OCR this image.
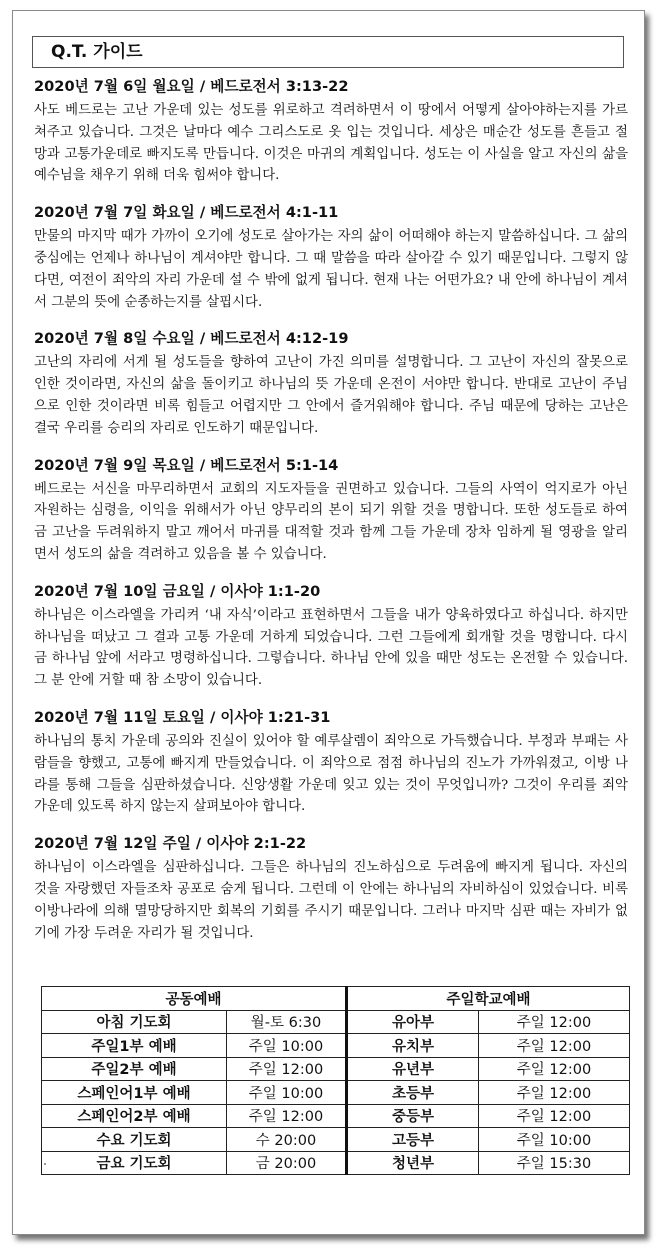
Q.T. 가이드
2020년 7월 6일 월요일 / 베드로전서 3:13-22
사도 베드로는 고난 가운데 있는 성도를 위로하고 격려하면서 이 땅에서 어떻게 살아야하는지를 가르쳐주고 있습니다. 그것은 날마다 예수 그리스도로 옷 입는 것입니다. 세상은 매순간 성도를 흔들고 절망과 고통가운데로 빠지도록 만듭니다. 이것은 마귀의 계획입니다. 성도는 이 사실을 알고 자신의 삶을 예수님을 채우기 위해 더욱 힘써야 합니다.
2020년 7월 7일 화요일 / 베드로전서 4:1-11
만물의 마지막 때가 가까이 오기에 성도로 살아가는 자의 삶이 어떠해야 하는지 말씀하십니다. 그 삶의 중심에는 언제나 하나님이 계셔야만 합니다. 그 때 말씀을 따라 살아갈 수 있기 때문입니다. 그렇지 않다면, 여전이 죄악의 자리 가운데 설 수 밖에 없게 됩니다. 현재 나는 어떤가요? 내 안에 하나님이 계셔서 그분의 뜻에 순종하는지를 살핍시다.
2020년 7월 8일 수요일 / 베드로전서 4:12-19
고난의 자리에 서게 될 성도들을 향하여 고난이 가진 의미를 설명합니다. 그 고난이 자신의 잘못으로 인한 것이라면, 자신의 삶을 돌이키고 하나님의 뜻 가운데 온전이 서야만 합니다. 반대로 고난이 주님으로 인한 것이라면 비록 힘들고 어렵지만 그 안에서 즐거워해야 합니다. 주님 때문에 당하는 고난은 결국 우리를 승리의 자리로 인도하기 때문입니다.
2020년 7월 9일 목요일 / 베드로전서 5:1-14
베드로는 서신을 마무리하면서 교회의 지도자들을 권면하고 있습니다. 그들의 사역이 억지로가 아닌 자원하는 심령을, 이익을 위해서가 아닌 양무리의 본이 되기 위할 것을 명합니다. 또한 성도들로 하여금 고난을 두려워하지 말고 깨어서 마귀를 대적할 것과 함께 그들 가운데 장차 임하게 될 영광을 알리면서 성도의 삶을 격려하고 있음을 볼 수 있습니다.
2020년 7월 10일 금요일 / 이사야 1:1-20
하나님은 이스라엘을 가리켜 ‘내 자식’이라고 표현하면서 그들을 내가 양육하였다고 하십니다. 하지만 하나님을 떠났고 그 결과 고통 가운데 거하게 되었습니다. 그런 그들에게 회개할 것을 명합니다. 다시금 하나님 앞에 서라고 명령하십니다. 그렇습니다. 하나님 안에 있을 때만 성도는 온전할 수 있습니다. 그 분 안에 거할 때 참 소망이 있습니다.
2020년 7월 11일 토요일 / 이사야 1:21-31
하나님의 통치 가운데 공의와 진실이 있어야 할 예루살렘이 죄악으로 가득했습니다. 부정과 부패는 사람들을 향했고, 고통에 빠지게 만들었습니다. 이 죄악으로 점점 하나님의 진노가 가까워졌고, 이방 나라를 통해 그들을 심판하셨습니다. 신앙생활 가운데 잊고 있는 것이 무엇입니까? 그것이 우리를 죄악 가운데 있도록 하지 않는지 살펴보아야 합니다.
2020년 7월 12일 주일 / 이사야 2:1-22
하나님이 이스라엘을 심판하십니다. 그들은 하나님의 진노하심으로 두려움에 빠지게 됩니다. 자신의 것을 자랑했던 자들조차 공포로 숨게 됩니다. 그런데 이 안에는 하나님의 자비하심이 있었습니다. 비록 이방나라에 의해 멸망당하지만 회복의 기회를 주시기 때문입니다. 그러나 마지막 심판 때는 자비가 없기에 가장 두려운 자리가 될 것입니다.
공동예배		주일학교예배	
아침 기도회	월-토 6:30	유아부	주일 12:00
주일1부 예배	주일 10:00	유치부	주일 12:00
주일2부 예배	주일 12:00	유년부	주일 12:00
스페인어1부 예배	주일 10:00	초등부	주일 12:00
스페인어2부 예배	주일 12:00	중등부	주일 12:00
수요 기도회	수 20:00	고등부	주일 10:00
금요 기도회	금 20:00	청년부	주일 15:30
